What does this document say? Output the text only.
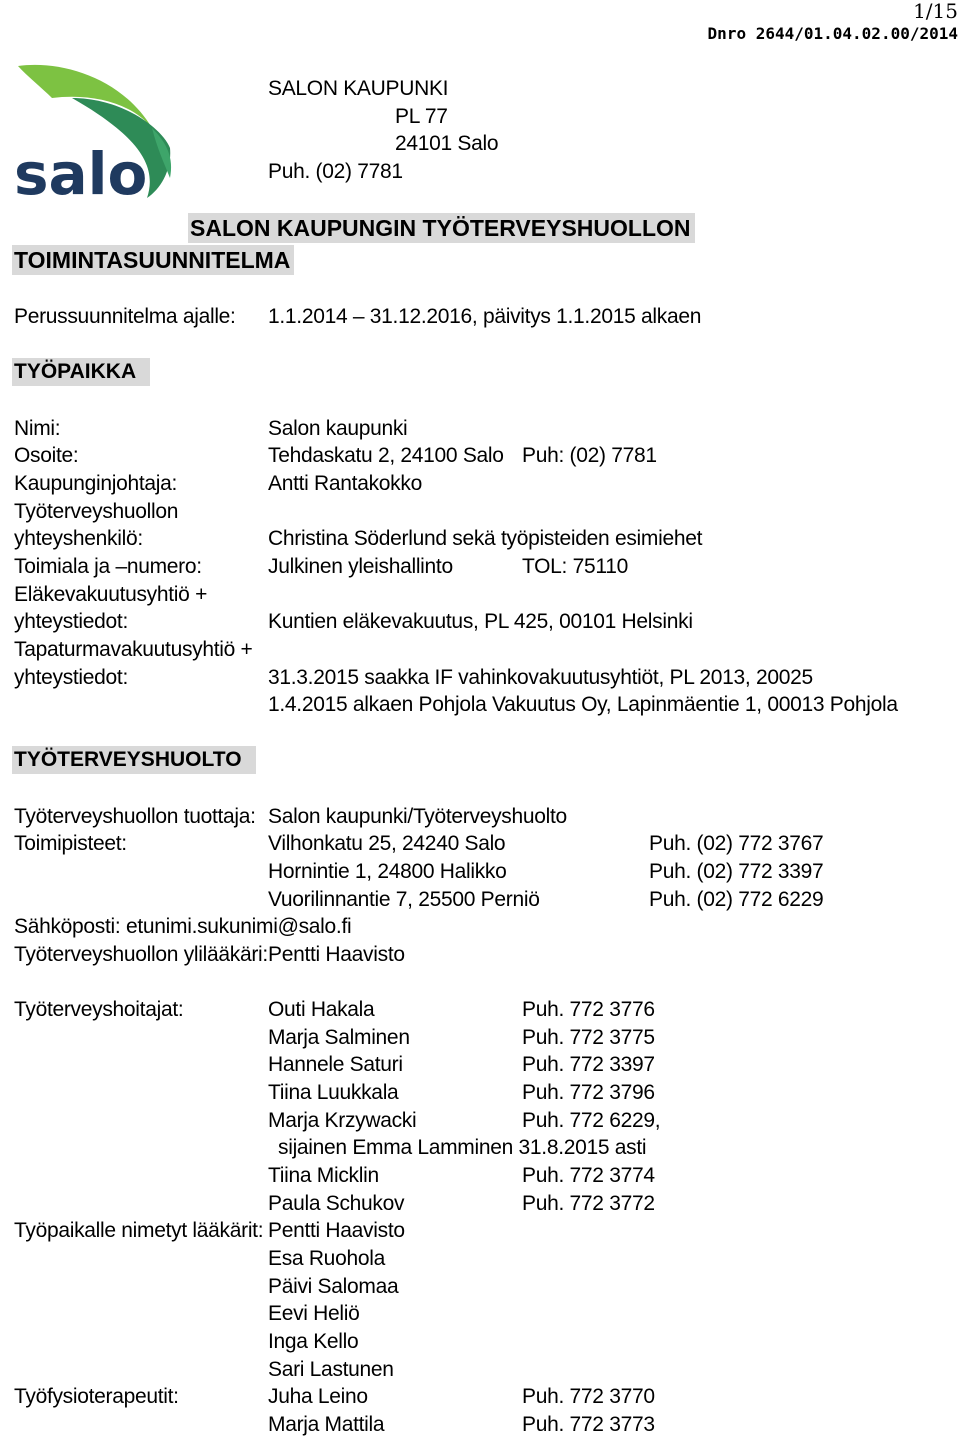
1/15
Dnro 2644/01.04.02.00/2014
salo
SALON KAUPUNKI
PL 77
24101 Salo
Puh. (02) 7781
SALON KAUPUNGIN TYÖTERVEYSHUOLLON
TOIMINTASUUNNITELMA
Perussuunnitelma ajalle: 1.1.2014 – 31.12.2016, päivitys 1.1.2015 alkaen
TYÖPAIKKA
Nimi:	Salon kaupunki
Osoite:	Tehdaskatu 2, 24100 Salo Puh: (02) 7781
Kaupunginjohtaja:	Antti Rantakokko
Työterveyshuollon
yhteyshenkilö:	Christina Söderlund sekä työpisteiden esimiehet
Toimiala ja –numero:	Julkinen yleishallinto	TOL: 75110
Eläkevakuutusyhtiö +
yhteystiedot:	Kuntien eläkevakuutus, PL 425, 00101 Helsinki
Tapaturmavakuutusyhtiö +
yhteystiedot:	31.3.2015 saakka IF vahinkovakuutusyhtiöt, PL 2013, 20025
1.4.2015 alkaen Pohjola Vakuutus Oy, Lapinmäentie 1, 00013 Pohjola
TYÖTERVEYSHUOLTO
Työterveyshuollon tuottaja: Salon kaupunki/Työterveyshuolto
Toimipisteet:	Vilhonkatu 25, 24240 Salo	Puh. (02) 772 3767
Hornintie 1, 24800 Halikko	Puh. (02) 772 3397
Vuorilinnantie 7, 25500 Perniö	Puh. (02) 772 6229
Sähköposti: etunimi.sukunimi@salo.fi
Työterveyshuollon ylilääkäri: Pentti Haavisto
Työterveyshoitajat:	Outi Hakala	Puh. 772 3776
Marja Salminen	Puh. 772 3775
Hannele Saturi	Puh. 772 3397
Tiina Luukkala	Puh. 772 3796
Marja Krzywacki	Puh. 772 6229,
sijainen Emma Lamminen 31.8.2015 asti
Tiina Micklin	Puh. 772 3774
Paula Schukov	Puh. 772 3772
Työpaikalle nimetyt lääkärit: Pentti Haavisto
Esa Ruohola
Päivi Salomaa
Eevi Heliö
Inga Kello
Sari Lastunen
Työfysioterapeutit:	Juha Leino	Puh. 772 3770
Marja Mattila	Puh. 772 3773
